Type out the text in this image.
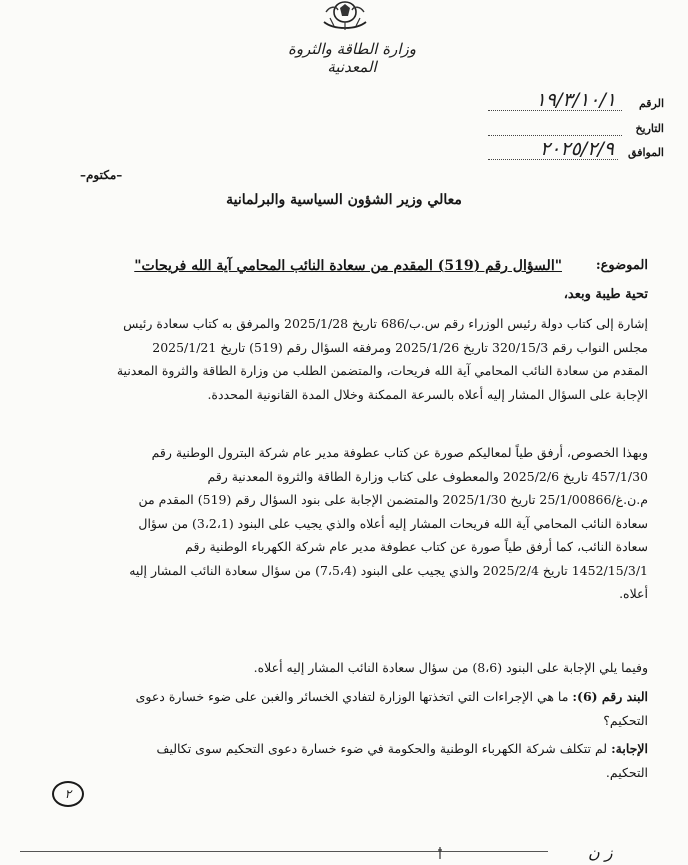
وزارة الطاقة والثروة المعدنية
الرقم
١٩/٣/١٠/١
التاريخ
الموافق
٢٠٢٥/٢/٩
–مكتوم–
معالي وزير الشؤون السياسية والبرلمانية
الموضوع:
"السؤال رقم (519) المقدم من سعادة النائب المحامي آية الله فريحات"
تحية طيبة وبعد،
إشارة إلى كتاب دولة رئيس الوزراء رقم س.ب/686 تاريخ 2025/1/28 والمرفق به كتاب سعادة رئيس
مجلس النواب رقم 320/15/3 تاريخ 2025/1/26 ومرفقه السؤال رقم (519) تاريخ 2025/1/21
المقدم من سعادة النائب المحامي آية الله فريحات، والمتضمن الطلب من وزارة الطاقة والثروة المعدنية
الإجابة على السؤال المشار إليه أعلاه بالسرعة الممكنة وخلال المدة القانونية المحددة.
وبهذا الخصوص، أرفق طياً لمعاليكم صورة عن كتاب عطوفة مدير عام شركة البترول الوطنية رقم
457/1/30 تاريخ 2025/2/6 والمعطوف على كتاب وزارة الطاقة والثروة المعدنية رقم
م.ن.غ/25/1/00866 تاريخ 2025/1/30 والمتضمن الإجابة على بنود السؤال رقم (519) المقدم من
سعادة النائب المحامي آية الله فريحات المشار إليه أعلاه والذي يجيب على البنود (3،2،1) من سؤال
سعادة النائب، كما أرفق طياً صورة عن كتاب عطوفة مدير عام شركة الكهرباء الوطنية رقم
1452/15/3/1 تاريخ 2025/2/4 والذي يجيب على البنود (7،5،4) من سؤال سعادة النائب المشار إليه
أعلاه.
وفيما يلي الإجابة على البنود (8،6) من سؤال سعادة النائب المشار إليه أعلاه.
البند رقم (6): ما هي الإجراءات التي اتخذتها الوزارة لتفادي الخسائر والغبن على ضوء خسارة دعوى
التحكيم؟
الإجابة: لم تتكلف شركة الكهرباء الوطنية والحكومة في ضوء خسارة دعوى التحكيم سوى تكاليف
التحكيم.
٢
ز ن
